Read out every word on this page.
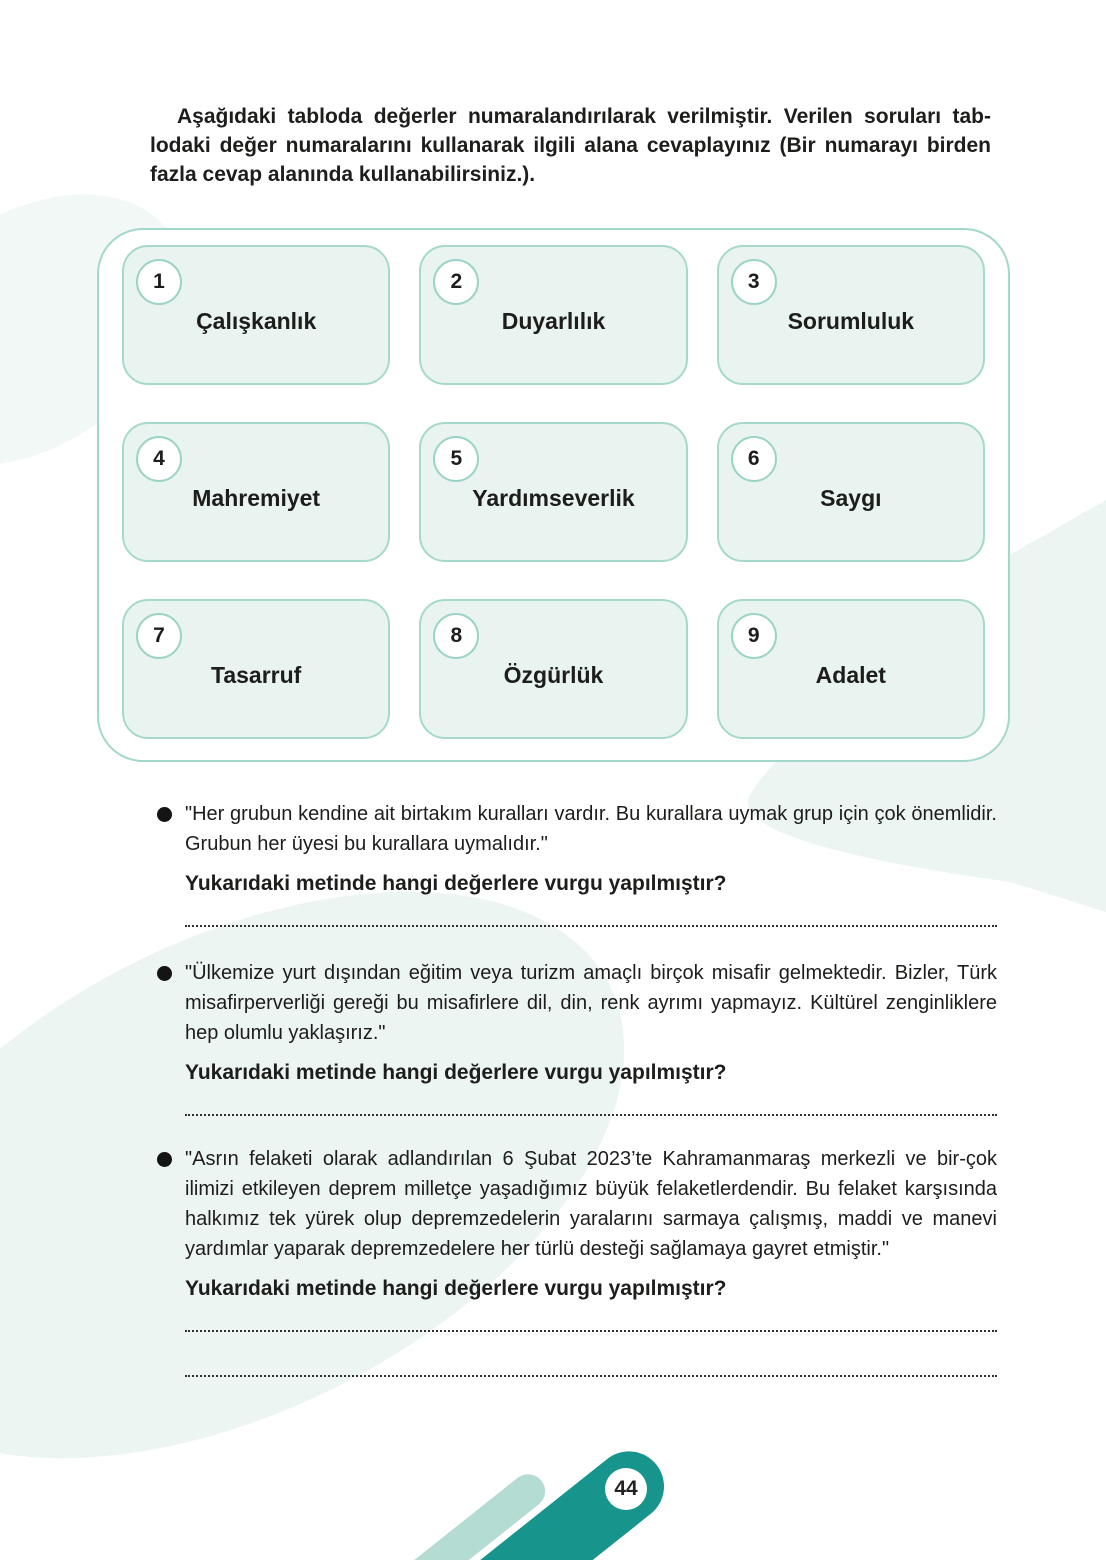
Aşağıdaki tabloda değerler numaralandırılarak verilmiştir. Verilen soruları tab-lodaki değer numaralarını kullanarak ilgili alana cevaplayınız (Bir numarayı birden fazla cevap alanında kullanabilirsiniz.).

1
Çalışkanlık
2
Duyarlılık
3
Sorumluluk
4
Mahremiyet
5
Yardımseverlik
6
Saygı
7
Tasarruf
8
Özgürlük
9
Adalet

"Her grubun kendine ait birtakım kuralları vardır. Bu kurallara uymak grup için çok önemlidir. Grubun her üyesi bu kurallara uymalıdır."

Yukarıdaki metinde hangi değerlere vurgu yapılmıştır?

"Ülkemize yurt dışından eğitim veya turizm amaçlı birçok misafir gelmektedir. Bizler, Türk misafirperverliği gereği bu misafirlere dil, din, renk ayrımı yapmayız. Kültürel zenginliklere hep olumlu yaklaşırız."

Yukarıdaki metinde hangi değerlere vurgu yapılmıştır?

"Asrın felaketi olarak adlandırılan 6 Şubat 2023’te Kahramanmaraş merkezli ve bir-çok ilimizi etkileyen deprem milletçe yaşadığımız büyük felaketlerdendir. Bu felaket karşısında halkımız tek yürek olup depremzedelerin yaralarını sarmaya çalışmış, maddi ve manevi yardımlar yaparak depremzedelere her türlü desteği sağlamaya gayret etmiştir."

Yukarıdaki metinde hangi değerlere vurgu yapılmıştır?

44
